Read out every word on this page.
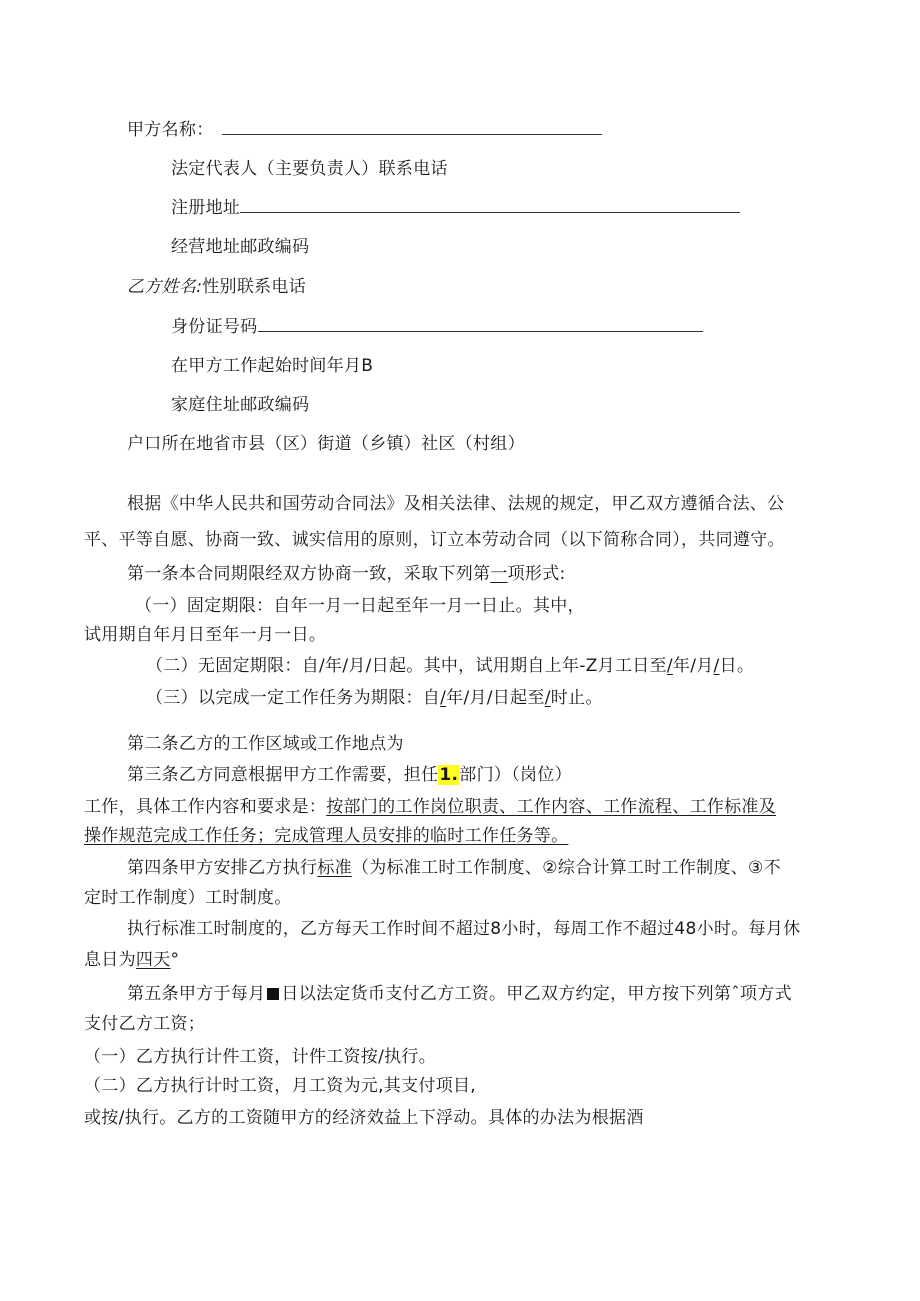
甲方名称：
法定代表人（主要负责人）联系电话
注册地址
经营地址邮政编码
乙方姓名:性别联系电话
身份证号码
在甲方工作起始时间年月B
家庭住址邮政编码
户口所在地省市县（区）街道（乡镇）社区（村组）
根据《中华人民共和国劳动合同法》及相关法律、法规的规定，甲乙双方遵循合法、公
平、平等自愿、协商一致、诚实信用的原则，订立本劳动合同（以下简称合同），共同遵守。
第一条本合同期限经双方协商一致，采取下列第一项形式:
（一）固定期限：自年一月一日起至年一月一日止。其中，
试用期自年月日至年一月一日。
（二）无固定期限：自/年/月/日起。其中，试用期自上年-Z月工日至/年/月/日。
（三）以完成一定工作任务为期限：自/年/月/日起至/时止。
第二条乙方的工作区域或工作地点为
第三条乙方同意根据甲方工作需要，担任1.部门）（岗位）
工作，具体工作内容和要求是：按部门的工作岗位职责、工作内容、工作流程、工作标准及
操作规范完成工作任务；完成管理人员安排的临时工作任务等。
第四条甲方安排乙方执行标准（为标准工时工作制度、②综合计算工时工作制度、③不
定时工作制度）工时制度。
执行标准工时制度的，乙方每天工作时间不超过8小时，每周工作不超过48小时。每月休
息日为四天°
第五条甲方于每月 日以法定货币支付乙方工资。甲乙双方约定，甲方按下列第ˆ项方式
支付乙方工资；
（一）乙方执行计件工资，计件工资按/执行。
（二）乙方执行计时工资，月工资为元,其支付项目,
或按/执行。乙方的工资随甲方的经济效益上下浮动。具体的办法为根据酒
